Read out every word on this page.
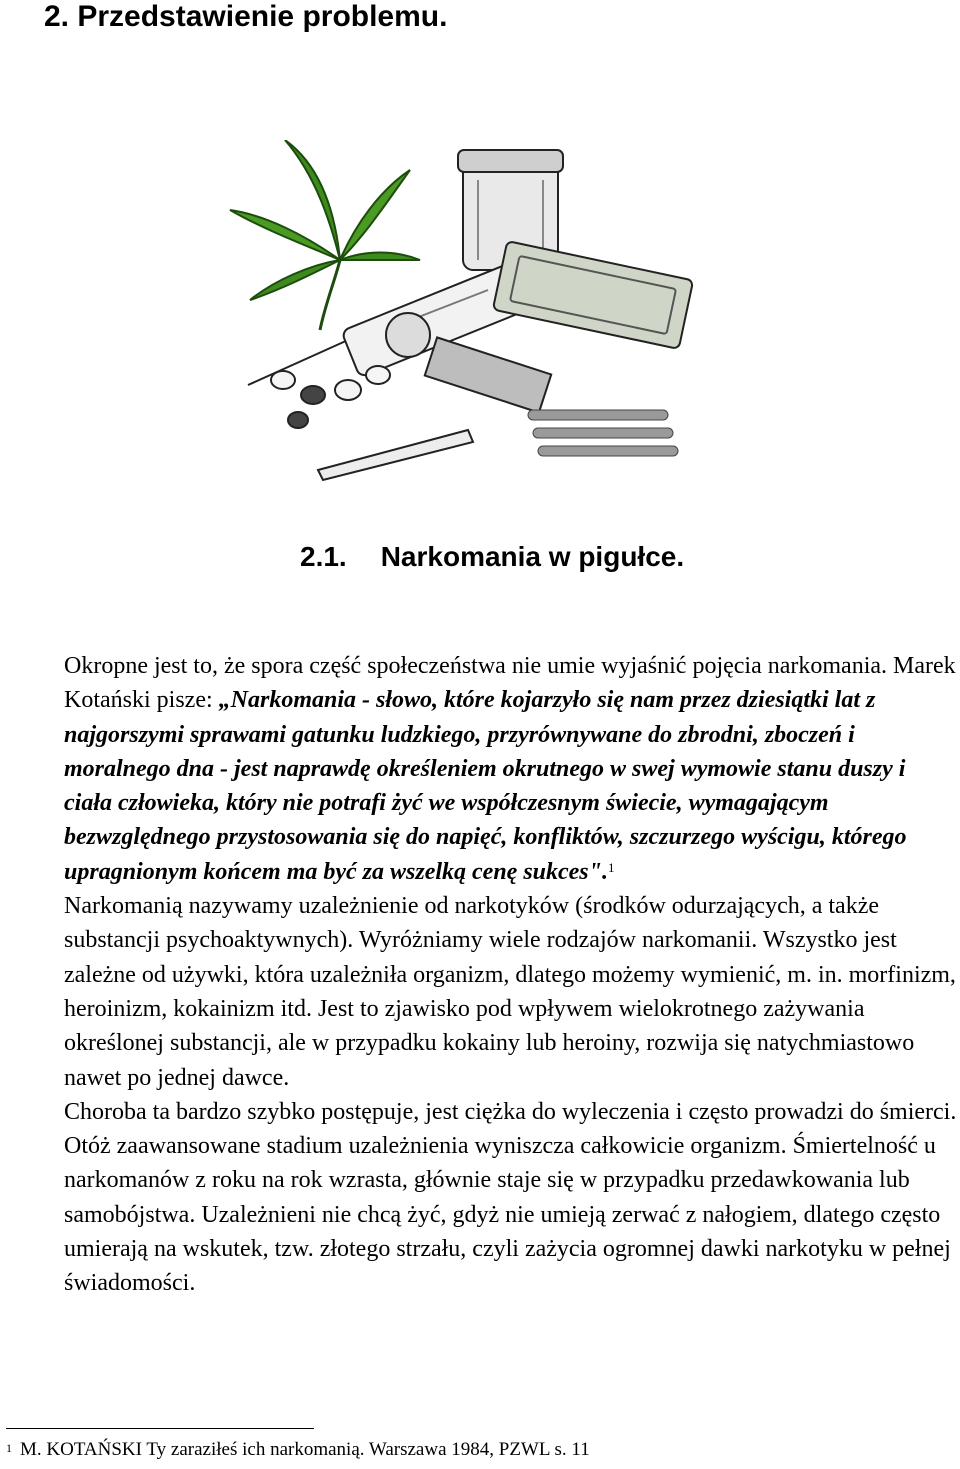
2. Przedstawienie problemu.
2.1. Narkomania w pigułce.

Okropne jest to, że spora część społeczeństwa nie umie wyjaśnić pojęcia narkomania. Marek Kotański pisze: „Narkomania - słowo, które kojarzyło się nam przez dziesiątki lat z najgorszymi sprawami gatunku ludzkiego, przyrównywane do zbrodni, zboczeń i moralnego dna - jest naprawdę określeniem okrutnego w swej wymowie stanu duszy i ciała człowieka, który nie potrafi żyć we współczesnym świecie, wymagającym bezwzględnego przystosowania się do napięć, konfliktów, szczurzego wyścigu, którego upragnionym końcem ma być za wszelką cenę sukces".$^1$

Narkomanią nazywamy uzależnienie od narkotyków (środków odurzających, a także substancji psychoaktywnych). Wyróżniamy wiele rodzajów narkomanii. Wszystko jest zależne od używki, która uzależniła organizm, dlatego możemy wymienić, m. in. morfinizm, heroinizm, kokainizm itd. Jest to zjawisko pod wpływem wielokrotnego zażywania określonej substancji, ale w przypadku kokainy lub heroiny, rozwija się natychmiastowo nawet po jednej dawce.

Choroba ta bardzo szybko postępuje, jest ciężka do wyleczenia i często prowadzi do śmierci. Otóż zaawansowane stadium uzależnienia wyniszcza całkowicie organizm. Śmiertelność u narkomanów z roku na rok wzrasta, głównie staje się w przypadku przedawkowania lub samobójstwa. Uzależnieni nie chcą żyć, gdyż nie umieją zerwać z nałogiem, dlatego często umierają na wskutek, tzw. złotego strzału, czyli zażycia ogromnej dawki narkotyku w pełnej świadomości.

$^1$ M. KOTAŃSKI Ty zaraziłeś ich narkomanią. Warszawa 1984, PZWL s. 11
